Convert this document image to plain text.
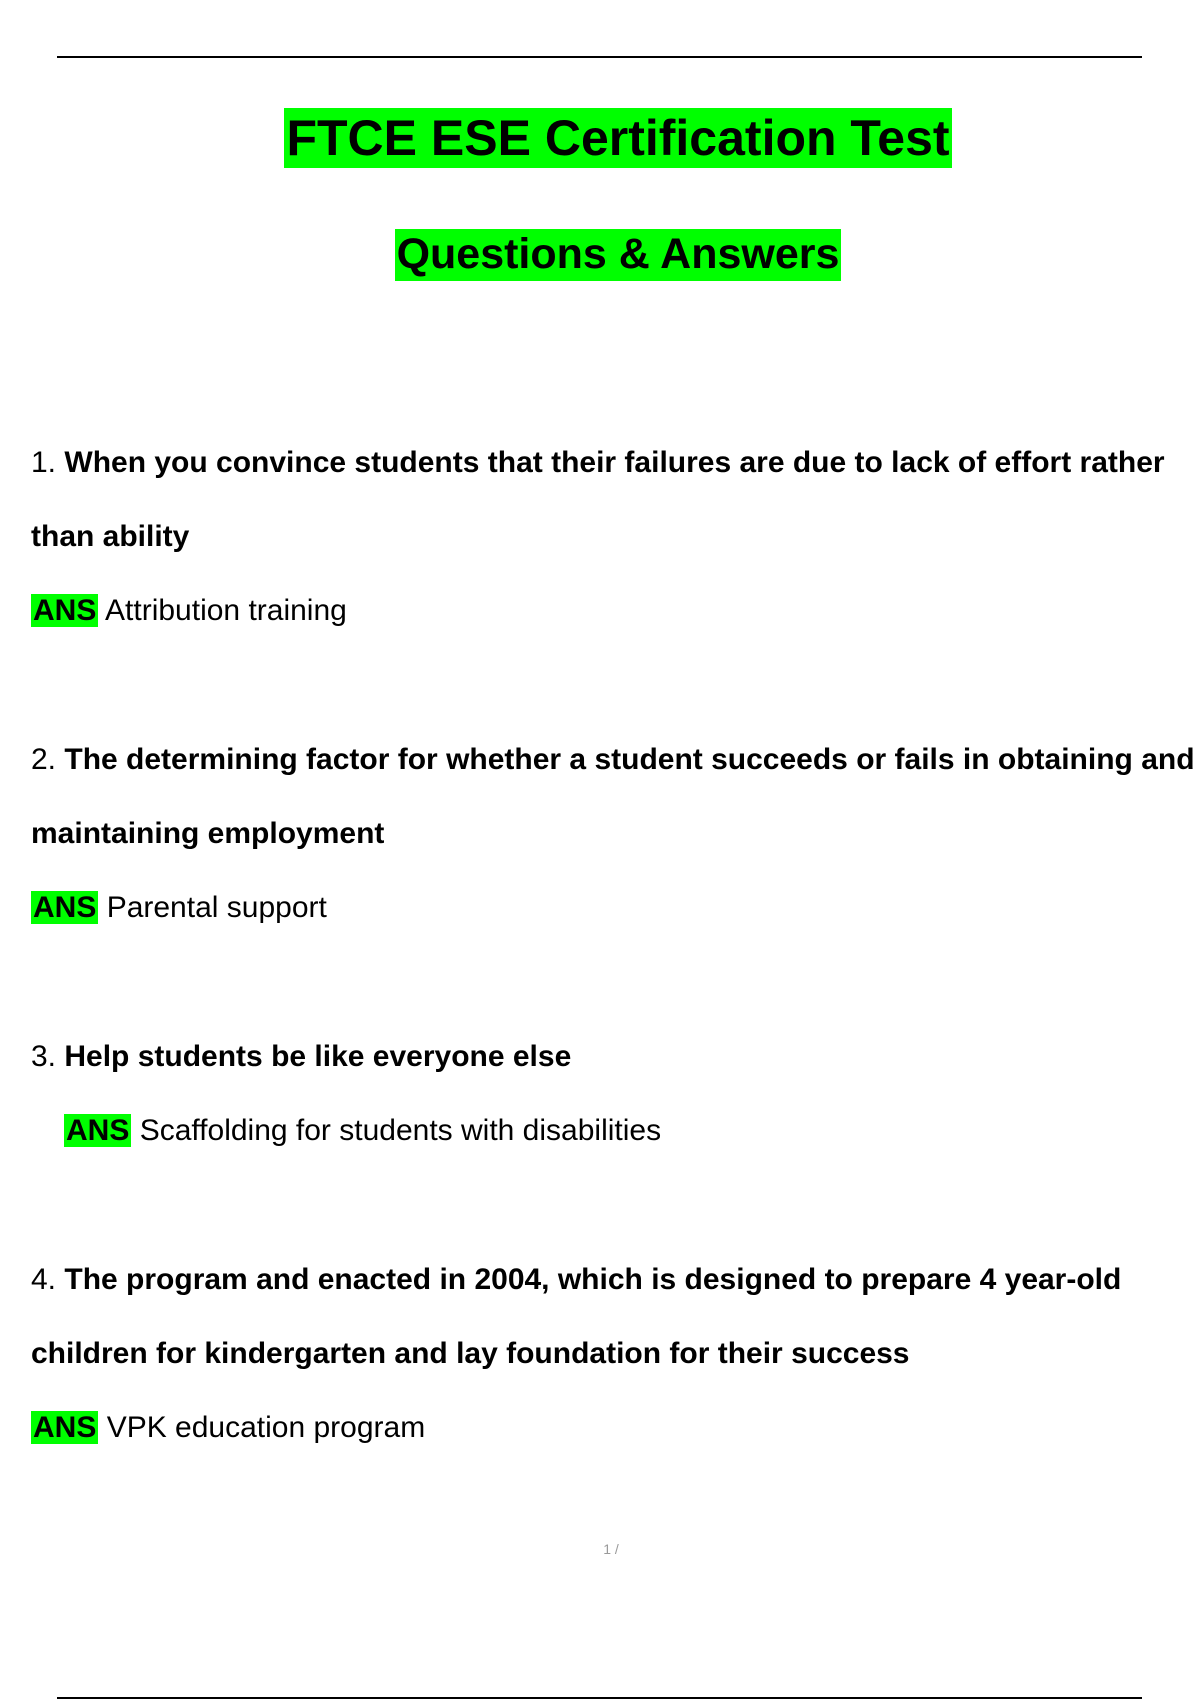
FTCE ESE Certification Test
Questions & Answers
1. When you convince students that their failures are due to lack of effort rather than ability
ANS Attribution training
2. The determining factor for whether a student succeeds or fails in obtaining and maintaining employment
ANS Parental support
3. Help students be like everyone else
ANS Scaffolding for students with disabilities
4. The program and enacted in 2004, which is designed to prepare 4 year-old children for kindergarten and lay foundation for their success
ANS VPK education program
1 /
